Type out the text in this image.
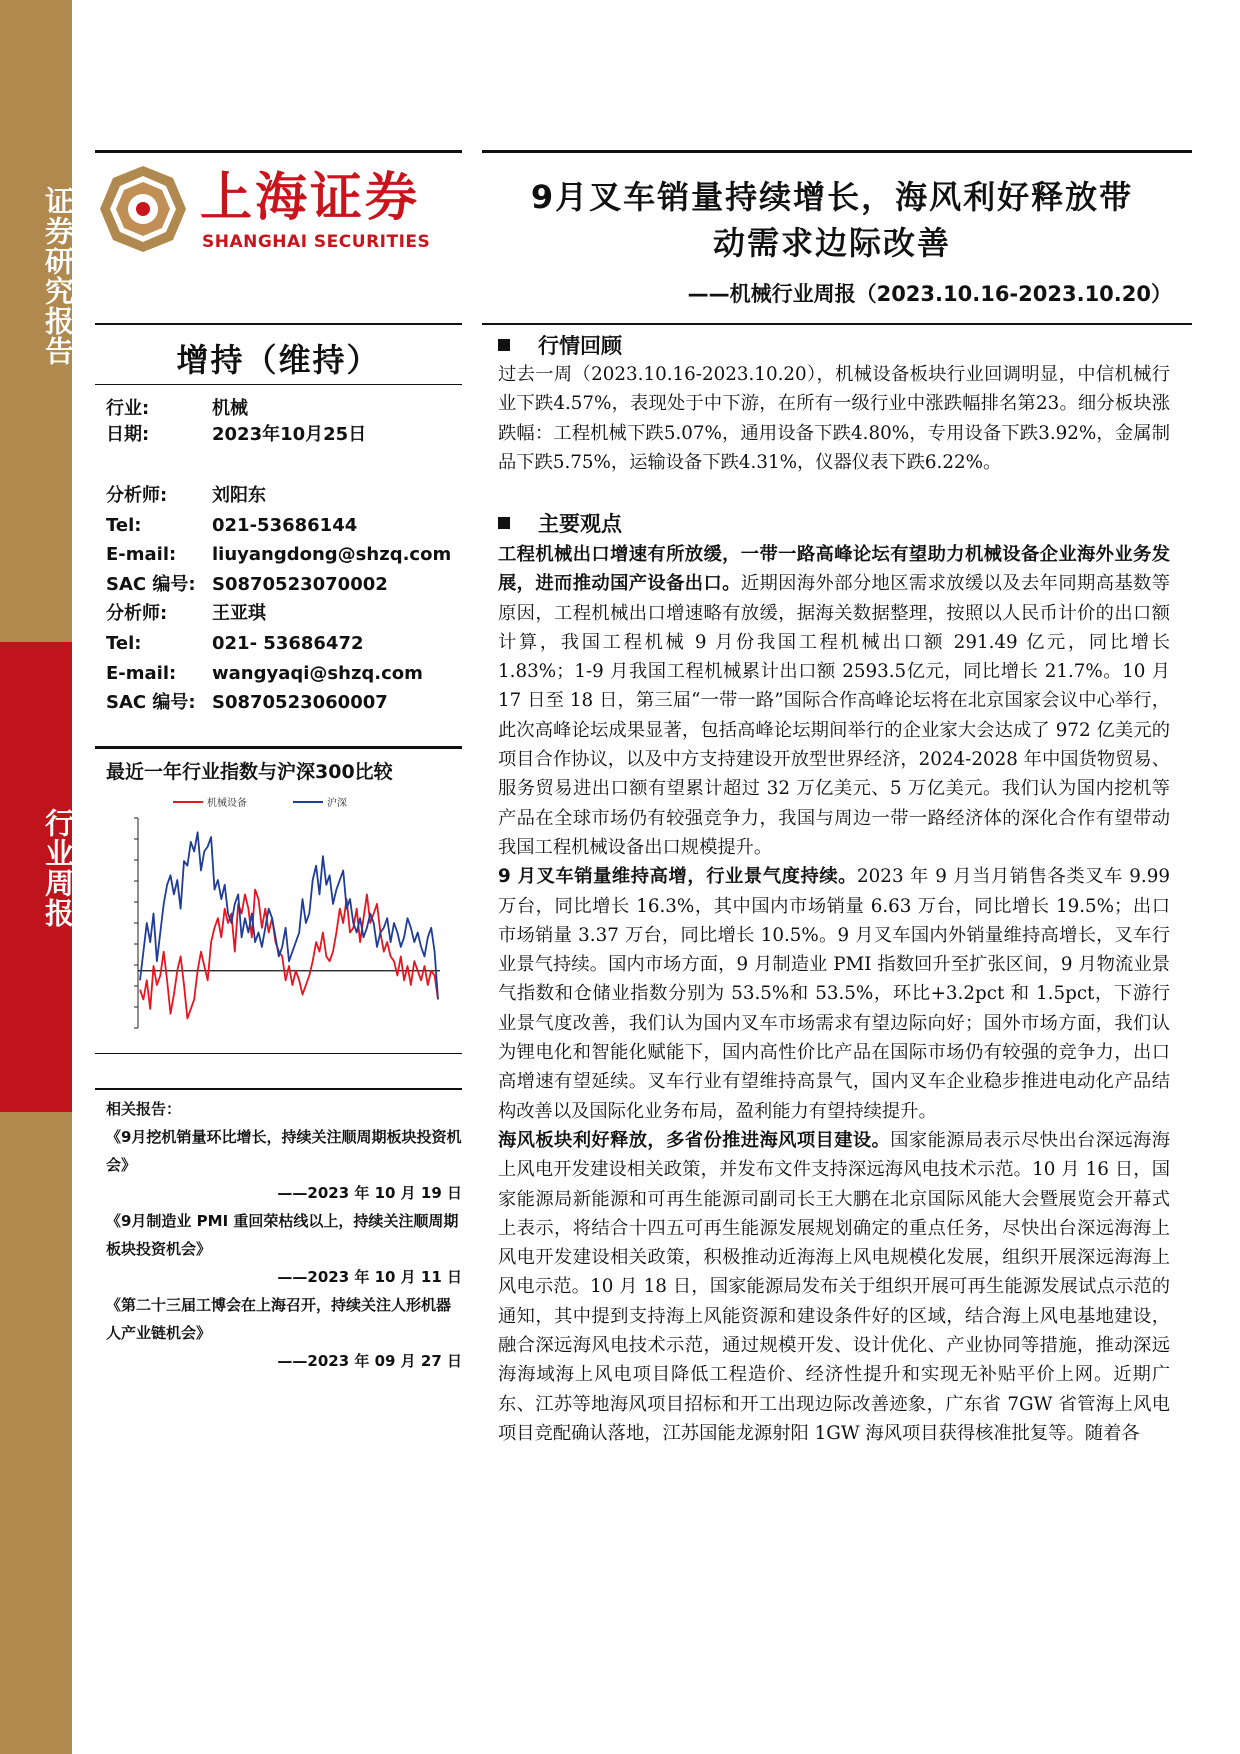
证券研究报告
行业周报
上海证券
SHANGHAI SECURITIES
9月叉车销量持续增长，海风利好释放带
动需求边际改善
——机械行业周报（2023.10.16-2023.10.20）
增持（维持）
行业:	机械
日期:	2023年10月25日
分析师: 刘阳东
Tel:	021-53686144
E-mail: liuyangdong@shzq.com
SAC 编号: S0870523070002
分析师: 王亚琪
Tel:	021- 53686472
E-mail: wangyaqi@shzq.com
SAC 编号: S0870523060007
最近一年行业指数与沪深300比较
机械设备	沪深
相关报告：
《9月挖机销量环比增长，持续关注顺周期板块投资机会》
——2023 年 10 月 19 日
《9月制造业 PMI 重回荣枯线以上，持续关注顺周期板块投资机会》
——2023 年 10 月 11 日
《第二十三届工博会在上海召开，持续关注人形机器人产业链机会》
——2023 年 09 月 27 日
行情回顾

过去一周（2023.10.16-2023.10.20），机械设备板块行业回调明显，中信机械行业下跌4.57%，表现处于中下游，在所有一级行业中涨跌幅排名第23。细分板块涨跌幅：工程机械下跌5.07%，通用设备下跌4.80%，专用设备下跌3.92%，金属制品下跌5.75%，运输设备下跌4.31%，仪器仪表下跌6.22%。

主要观点

工程机械出口增速有所放缓，一带一路高峰论坛有望助力机械设备企业海外业务发展，进而推动国产设备出口。近期因海外部分地区需求放缓以及去年同期高基数等原因，工程机械出口增速略有放缓，据海关数据整理，按照以人民币计价的出口额计算，我国工程机械 9 月份我国工程机械出口额 291.49 亿元，同比增长 1.83%；1-9 月我国工程机械累计出口额 2593.5亿元，同比增长 21.7%。10 月 17 日至 18 日，第三届“一带一路”国际合作高峰论坛将在北京国家会议中心举行，此次高峰论坛成果显著，包括高峰论坛期间举行的企业家大会达成了 972 亿美元的项目合作协议，以及中方支持建设开放型世界经济，2024-2028 年中国货物贸易、服务贸易进出口额有望累计超过 32 万亿美元、5 万亿美元。我们认为国内挖机等产品在全球市场仍有较强竞争力，我国与周边一带一路经济体的深化合作有望带动我国工程机械设备出口规模提升。

9 月叉车销量维持高增，行业景气度持续。2023 年 9 月当月销售各类叉车 9.99 万台，同比增长 16.3%，其中国内市场销量 6.63 万台，同比增长 19.5%；出口市场销量 3.37 万台，同比增长 10.5%。9 月叉车国内外销量维持高增长，叉车行业景气持续。国内市场方面，9 月制造业 PMI 指数回升至扩张区间，9 月物流业景气指数和仓储业指数分别为 53.5%和 53.5%，环比+3.2pct 和 1.5pct，下游行业景气度改善，我们认为国内叉车市场需求有望边际向好；国外市场方面，我们认为锂电化和智能化赋能下，国内高性价比产品在国际市场仍有较强的竞争力，出口高增速有望延续。叉车行业有望维持高景气，国内叉车企业稳步推进电动化产品结构改善以及国际化业务布局，盈利能力有望持续提升。

海风板块利好释放，多省份推进海风项目建设。国家能源局表示尽快出台深远海海上风电开发建设相关政策，并发布文件支持深远海风电技术示范。10 月 16 日，国家能源局新能源和可再生能源司副司长王大鹏在北京国际风能大会暨展览会开幕式上表示，将结合十四五可再生能源发展规划确定的重点任务，尽快出台深远海海上风电开发建设相关政策，积极推动近海海上风电规模化发展，组织开展深远海海上风电示范。10 月 18 日，国家能源局发布关于组织开展可再生能源发展试点示范的通知，其中提到支持海上风能资源和建设条件好的区域，结合海上风电基地建设，融合深远海风电技术示范，通过规模开发、设计优化、产业协同等措施，推动深远海海域海上风电项目降低工程造价、经济性提升和实现无补贴平价上网。近期广东、江苏等地海风项目招标和开工出现边际改善迹象，广东省 7GW 省管海上风电项目竞配确认落地，江苏国能龙源射阳 1GW 海风项目获得核准批复等。随着各
